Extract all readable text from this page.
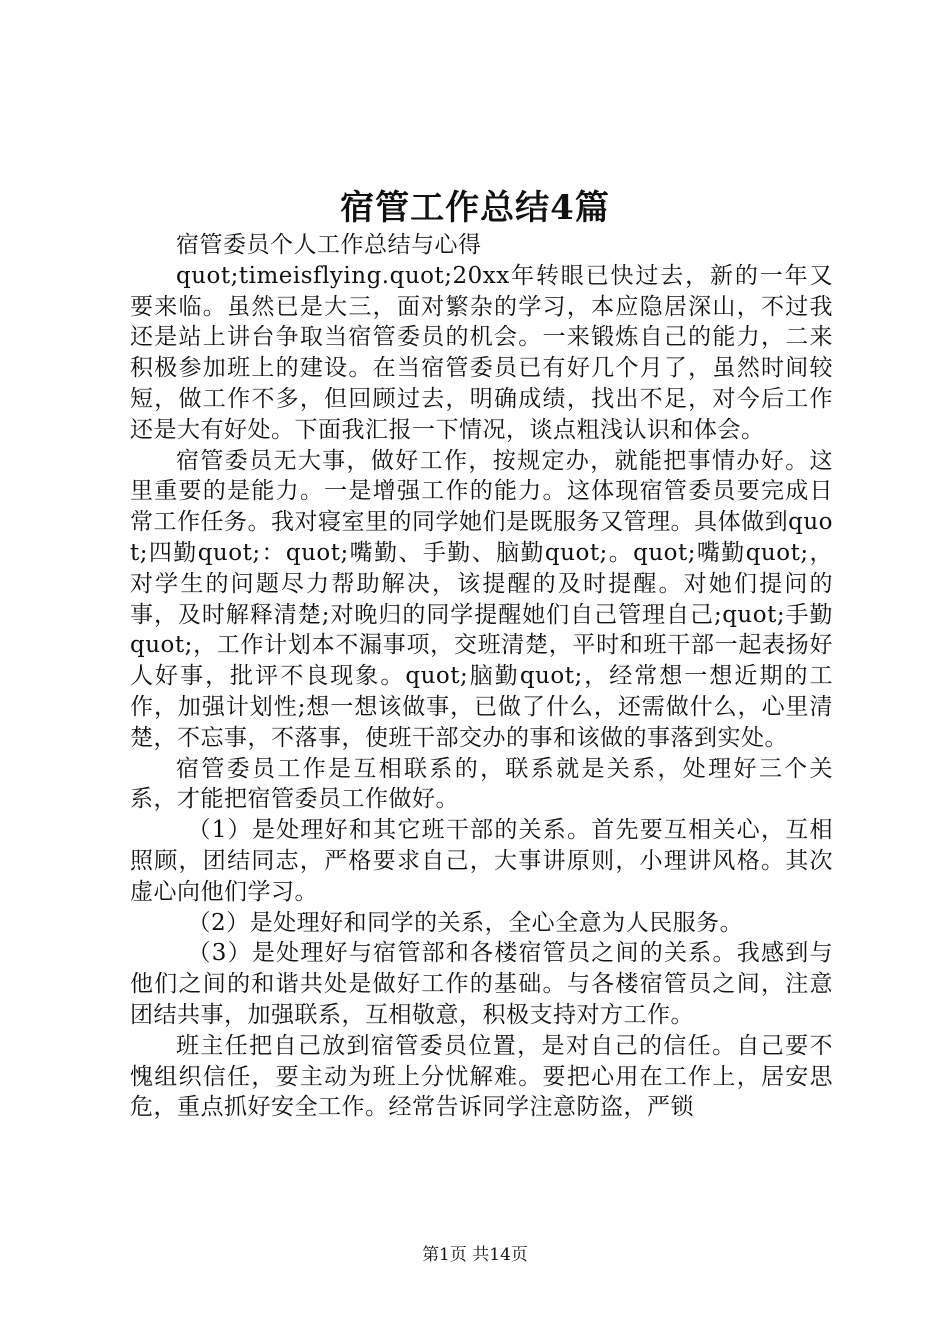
宿管工作总结4篇

宿管委员个人工作总结与心得

quot;timeisflying.quot;20xx年转眼已快过去，新的一年又要来临。虽然已是大三，面对繁杂的学习，本应隐居深山，不过我还是站上讲台争取当宿管委员的机会。一来锻炼自己的能力，二来积极参加班上的建设。在当宿管委员已有好几个月了，虽然时间较短，做工作不多，但回顾过去，明确成绩，找出不足，对今后工作还是大有好处。下面我汇报一下情况，谈点粗浅认识和体会。

宿管委员无大事，做好工作，按规定办，就能把事情办好。这里重要的是能力。一是增强工作的能力。这体现宿管委员要完成日常工作任务。我对寝室里的同学她们是既服务又管理。具体做到quot;四勤quot;：quot;嘴勤、手勤、脑勤quot;。quot;嘴勤quot;，对学生的问题尽力帮助解决，该提醒的及时提醒。对她们提问的事，及时解释清楚;对晚归的同学提醒她们自己管理自己;quot;手勤quot;，工作计划本不漏事项，交班清楚，平时和班干部一起表扬好人好事，批评不良现象。quot;脑勤quot;，经常想一想近期的工作，加强计划性;想一想该做事，已做了什么，还需做什么，心里清楚，不忘事，不落事，使班干部交办的事和该做的事落到实处。

宿管委员工作是互相联系的，联系就是关系，处理好三个关系，才能把宿管委员工作做好。

（1）是处理好和其它班干部的关系。首先要互相关心，互相照顾，团结同志，严格要求自己，大事讲原则，小理讲风格。其次虚心向他们学习。

（2）是处理好和同学的关系，全心全意为人民服务。

（3）是处理好与宿管部和各楼宿管员之间的关系。我感到与他们之间的和谐共处是做好工作的基础。与各楼宿管员之间，注意团结共事，加强联系，互相敬意，积极支持对方工作。

班主任把自己放到宿管委员位置，是对自己的信任。自己要不愧组织信任，要主动为班上分忧解难。要把心用在工作上，居安思危，重点抓好安全工作。经常告诉同学注意防盗，严锁

第1页 共14页
